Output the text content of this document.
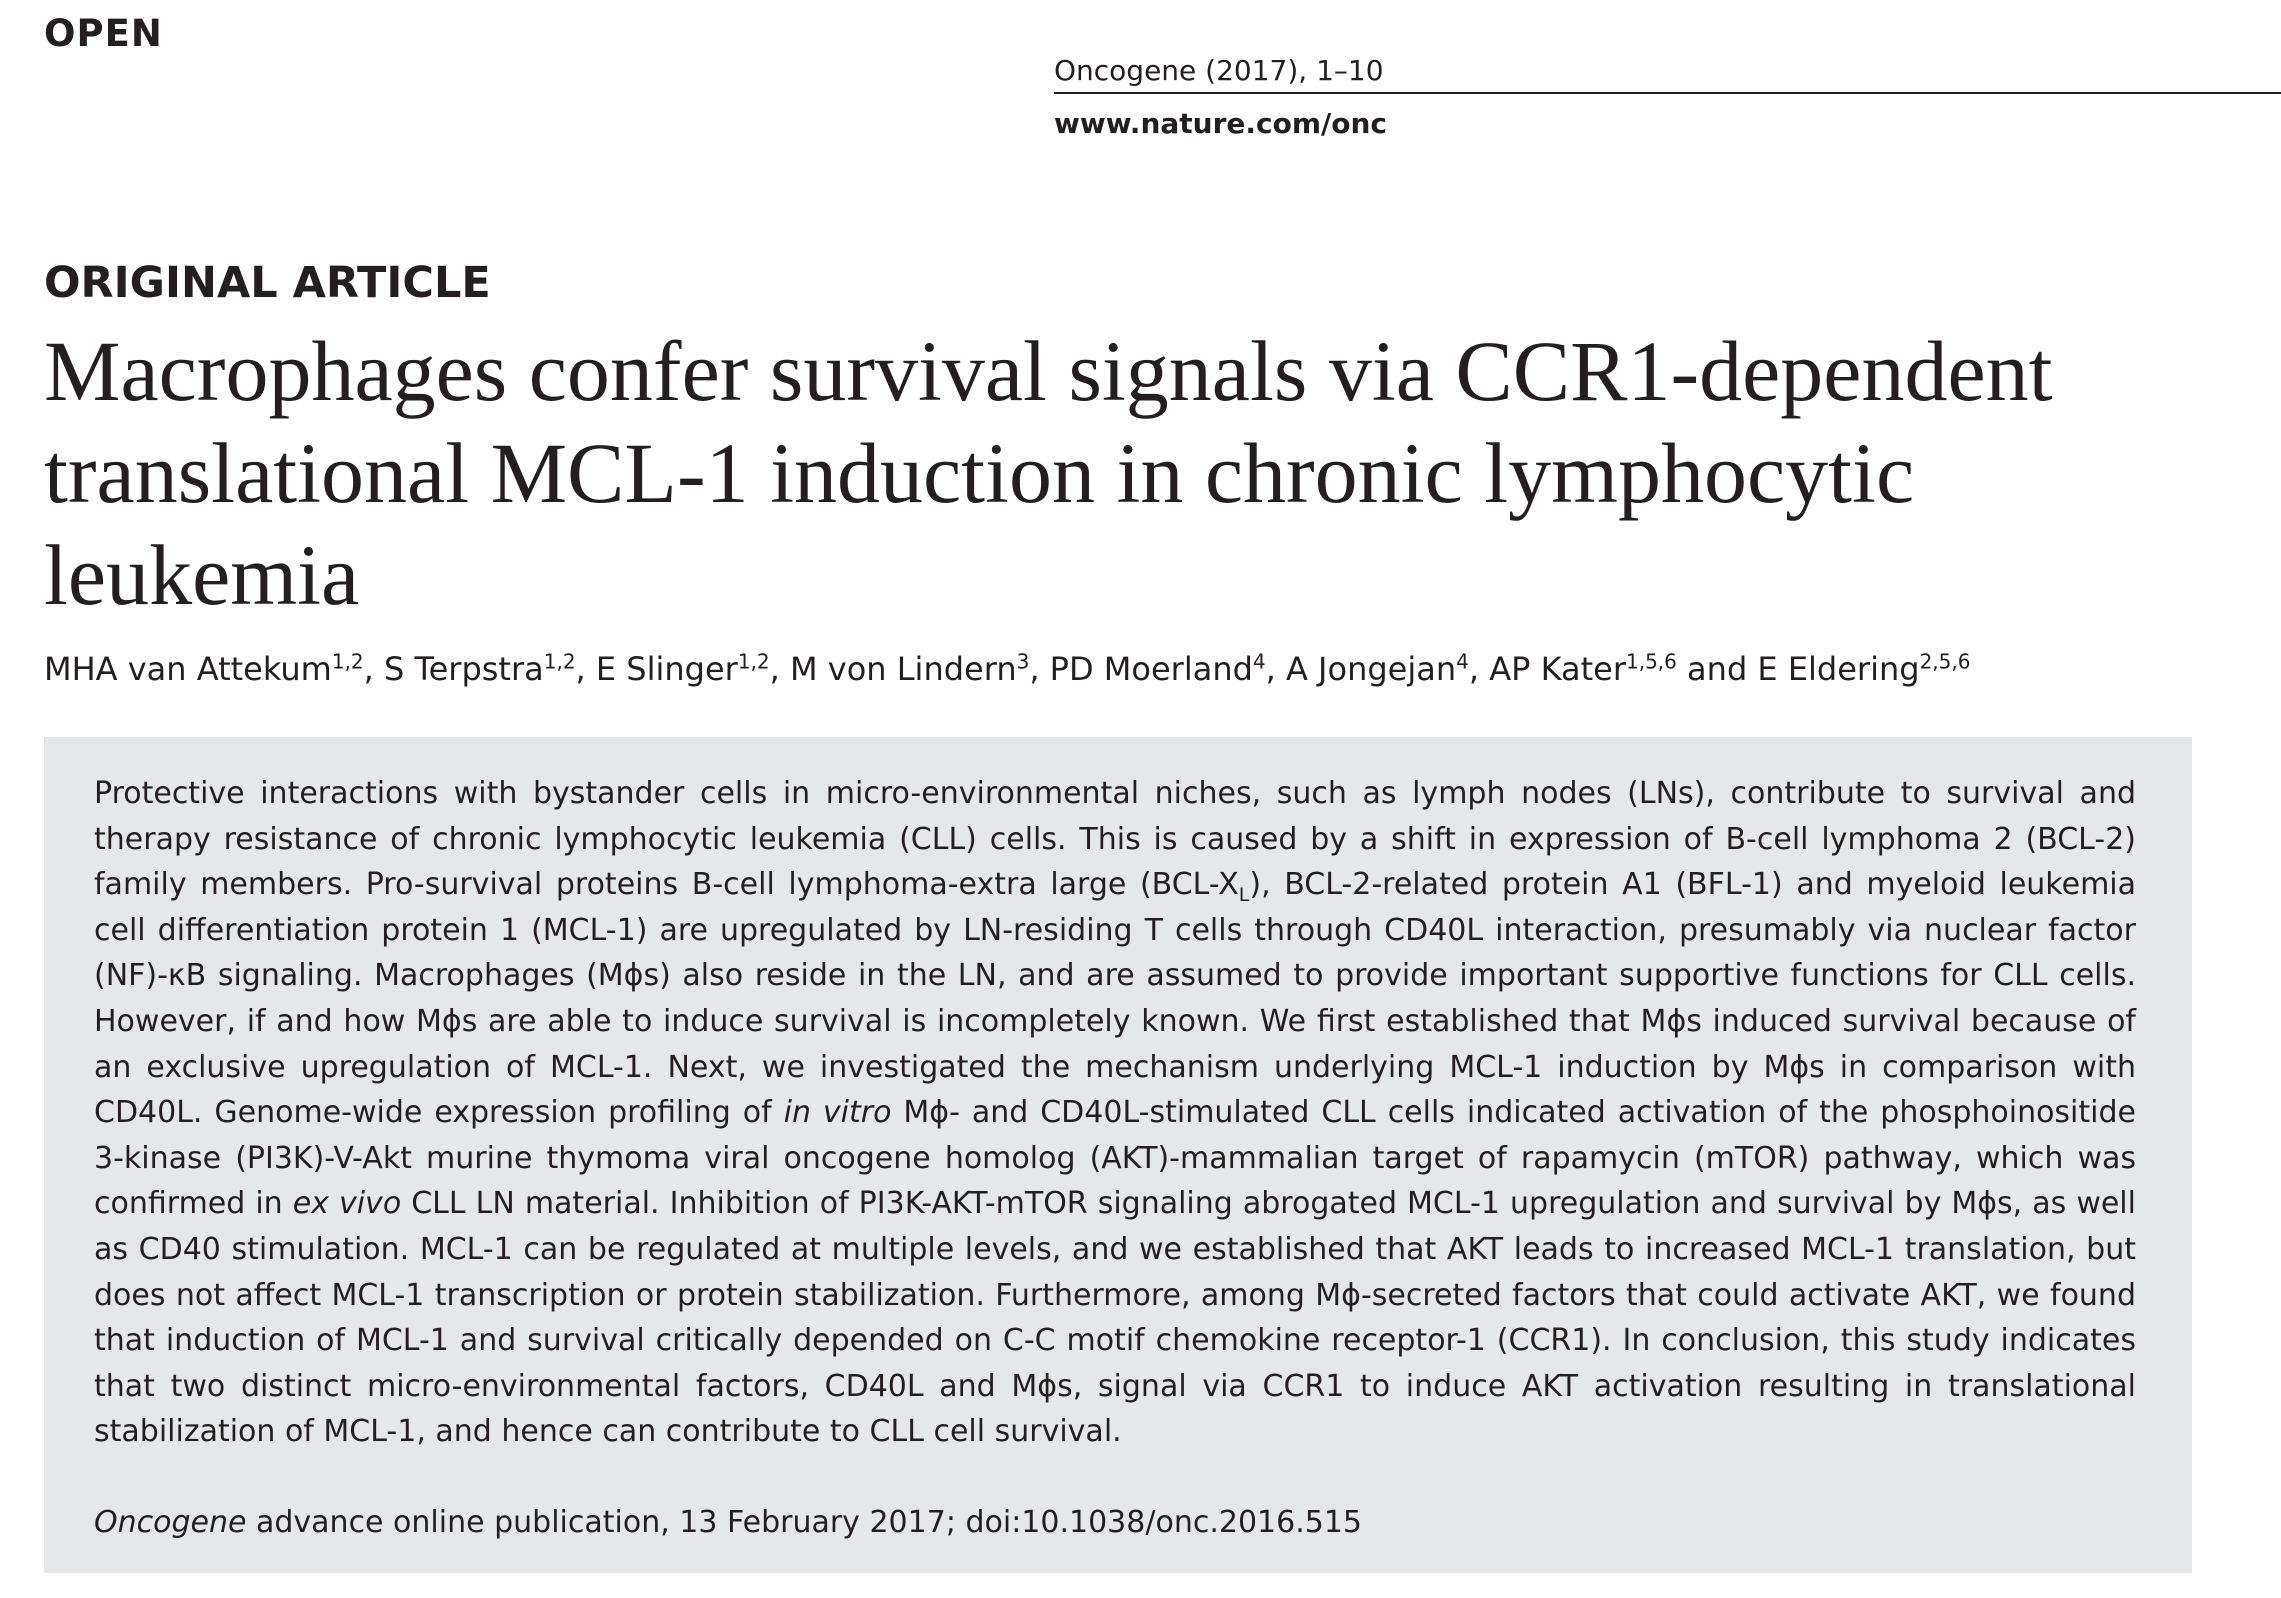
OPEN

Oncogene (2017), 1–10

www.nature.com/onc

ORIGINAL ARTICLE
Macrophages confer survival signals via CCR1-dependent translational MCL-1 induction in chronic lymphocytic leukemia

MHA van Attekum$^{1,2}$, S Terpstra$^{1,2}$, E Slinger$^{1,2}$, M von Lindern$^3$, PD Moerland$^4$, A Jongejan$^4$, AP Kater$^{1,5,6}$ and E Eldering$^{2,5,6}$

Protective interactions with bystander cells in micro-environmental niches, such as lymph nodes (LNs), contribute to survival and therapy resistance of chronic lymphocytic leukemia (CLL) cells. This is caused by a shift in expression of B-cell lymphoma 2 (BCL-2) family members. Pro-survival proteins B-cell lymphoma-extra large $(BCL-X_L)$, BCL-2-related protein A1 (BFL-1) and myeloid leukemia cell differentiation protein 1 (MCL-1) are upregulated by LN-residing T cells through CD40L interaction, presumably via nuclear factor (NF)-κB signaling. Macrophages (Mϕs) also reside in the LN, and are assumed to provide important supportive functions for CLL cells. However, if and how Mϕs are able to induce survival is incompletely known. We first established that Mϕs induced survival because of an exclusive upregulation of MCL-1. Next, we investigated the mechanism underlying MCL-1 induction by Mϕs in comparison with CD40L. Genome-wide expression profiling of in vitro Mϕ- and CD40L-stimulated CLL cells indicated activation of the phosphoinositide 3-kinase (PI3K)-V-Akt murine thymoma viral oncogene homolog (AKT)-mammalian target of rapamycin (mTOR) pathway, which was confirmed in ex vivo CLL LN material. Inhibition of PI3K-AKT-mTOR signaling abrogated MCL-1 upregulation and survival by Mϕs, as well as CD40 stimulation. MCL-1 can be regulated at multiple levels, and we established that AKT leads to increased MCL-1 translation, but does not affect MCL-1 transcription or protein stabilization. Furthermore, among Mϕ-secreted factors that could activate AKT, we found that induction of MCL-1 and survival critically depended on C-C motif chemokine receptor-1 (CCR1). In conclusion, this study indicates that two distinct micro-environmental factors, CD40L and Mϕs, signal via CCR1 to induce AKT activation resulting in translational stabilization of MCL-1, and hence can contribute to CLL cell survival.

Oncogene advance online publication, 13 February 2017; doi:10.1038/onc.2016.515
